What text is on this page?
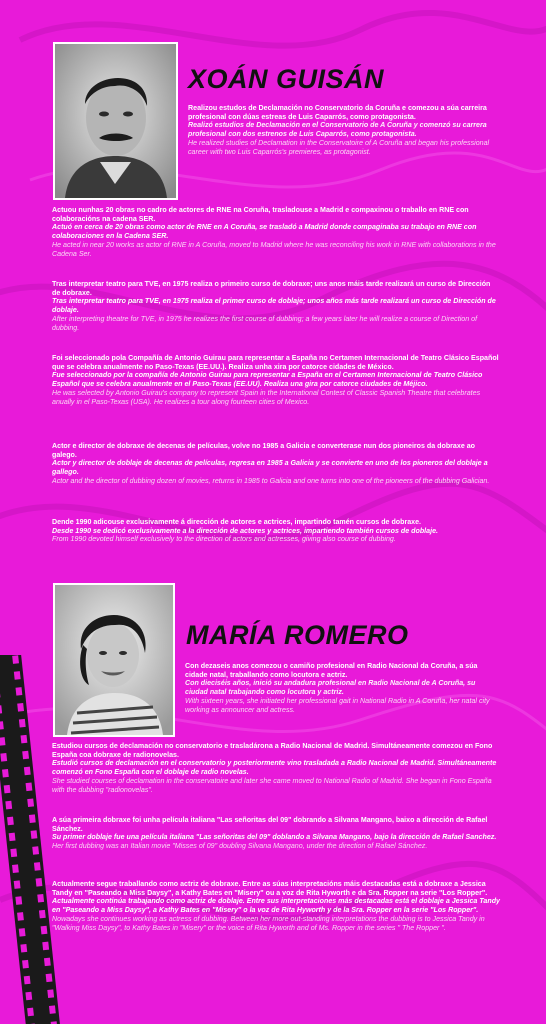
XOÁN GUISÁN

Realizou estudos de Declamación no Conservatorio da Coruña e comezou a súa carreira profesional con dúas estreas de Luis Caparrós, como protagonista.

Realizó estudios de Declamación en el Conservatorio de A Coruña y comenzó su carrera profesional con dos estrenos de Luis Caparrós, como protagonista.

He realized studies of Declamation in the Conservatoire of A Coruña and began his professional career with two Luis Caparrós's premieres, as protagonist.

Actuou nunhas 20 obras no cadro de actores de RNE na Coruña, trasladouse a Madrid e compaxinou o traballo en RNE con colaboracións na cadena SER.

Actuó en cerca de 20 obras como actor de RNE en A Coruña, se trasladó a Madrid donde compaginaba su trabajo en RNE con colaboraciones en la Cadena SER.

He acted in near 20 works as actor of RNE in A Coruña, moved to Madrid where he was reconciling his work in RNE with collaborations in the Cadena Ser.

Tras interpretar teatro para TVE, en 1975 realiza o primeiro curso de dobraxe; uns anos máis tarde realizará un curso de Dirección de dobraxe.

Tras interpretar teatro para TVE, en 1975 realiza el primer curso de doblaje; unos años más tarde realizará un curso de Dirección de doblaje.

After interpreting theatre for TVE, in 1975 he realizes the first course of dubbing; a few years later he will realize a course of Direction of dubbing.

Foi seleccionado pola Compañía de Antonio Guirau para representar a España no Certamen Internacional de Teatro Clásico Español que se celebra anualmente no Paso-Texas (EE.UU.). Realiza unha xira por catorce cidades de México.

Fue seleccionado por la compañía de Antonio Guirau para representar a España en el Certamen Internacional de Teatro Clásico Español que se celebra anualmente en el Paso-Texas (EE.UU). Realiza una gira por catorce ciudades de Méjico.

He was selected by Antonio Guirau's company to represent Spain in the International Contest of Classic Spanish Theatre that celebrates anually in el Paso-Texas (USA). He realizes a tour along fourteen cities of Mexico.

Actor e director de dobraxe de decenas de películas, volve no 1985 a Galicia e converterase nun dos pioneiros da dobraxe ao galego.

Actor y director de doblaje de decenas de películas, regresa en 1985 a Galicia y se convierte en uno de los pioneros del doblaje a gallego.

Actor and the director of dubbing dozen of movies, returns in 1985 to Galicia and one turns into one of the pioneers of the dubbing Galician.

Dende 1990 adicouse exclusivamente á dirección de actores e actrices, impartindo tamén cursos de dobraxe.

Desde 1990 se dedicó exclusivamente a la dirección de actores y actrices, impartiendo también cursos de doblaje.

From 1990 devoted himself exclusively to the direction of actors and actresses, giving also course of dubbing.

MARÍA ROMERO

Con dezaseis anos comezou o camiño profesional en Radio Nacional da Coruña, a súa cidade natal, traballando como locutora e actriz.

Con dieciséis años, inició su andadura profesional en Radio Nacional de A Coruña, su ciudad natal trabajando como locutora y actriz.

With sixteen years, she initiated her professional gait in National Radio in A Coruña, her natal city working as announcer and actress.

Estudiou cursos de declamación no conservatorio e trasladárona a Radio Nacional de Madrid. Simultáneamente comezou en Fono España coa dobraxe de radionovelas.

Estudió cursos de declamación en el conservatorio y posteriormente vino trasladada a Radio Nacional de Madrid. Simultáneamente comenzó en Fono España con el doblaje de radio novelas.

She studied courses of declamation in the conservatoire and later she came moved to National Radio of Madrid. She began in Fono España with the dubbing "radionovelas".

A súa primeira dobraxe foi unha película italiana "Las señoritas del 09" dobrando a Silvana Mangano, baixo a dirección de Rafael Sánchez.

Su primer doblaje fue una película italiana "Las señoritas del 09" doblando a Silvana Mangano, bajo la dirección de Rafael Sanchez.

Her first dubbing was an Italian movie "Misses of 09" doubling Silvana Mangano, under the direction of Rafael Sánchez.

Actualmente segue traballando como actriz de dobraxe. Entre as súas interpretacións máis destacadas está a dobraxe a Jessica Tandy en "Paseando a Miss Daysy", a Kathy Bates en "Misery" ou a voz de Rita Hyworth e da Sra. Ropper na serie "Los Ropper".

Actualmente continúa trabajando como actriz de doblaje. Entre sus interpretaciones más destacadas está el doblaje a Jessica Tandy en "Paseando a Miss Daysy", a Kathy Bates en "Misery" o la voz de Rita Hyworth y de la Sra. Ropper en la serie "Los Ropper".

Nowadays she continues working as actress of dubbing. Between her more out-standing interpretations the dubbing is to Jessica Tandy in "Walking Miss Daysy", to Kathy Bates in "Misery" or the voice of Rita Hyworth and of Ms. Ropper in the series " The Ropper ".
